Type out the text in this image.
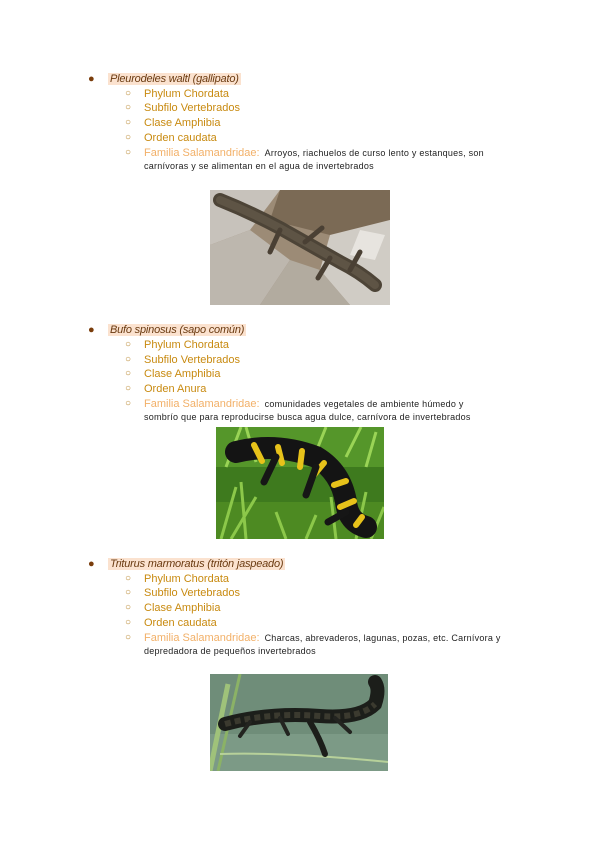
●	Pleurodeles waltl (gallipato)
○	Phylum Chordata
○	Subfilo Vertebrados
○	Clase Amphibia
○	Orden caudata
○	Familia Salamandridae: Arroyos, riachuelos de curso lento y estanques, son
carnívoras y se alimentan en el agua de invertebrados
●	Bufo spinosus (sapo común)
○	Phylum Chordata
○	Subfilo Vertebrados
○	Clase Amphibia
○	Orden Anura
○	Familia Salamandridae: comunidades vegetales de ambiente húmedo y
sombrío que para reproducirse busca agua dulce, carnívora de invertebrados
●	Triturus marmoratus (tritón jaspeado)
○	Phylum Chordata
○	Subfilo Vertebrados
○	Clase Amphibia
○	Orden caudata
○	Familia Salamandridae: Charcas, abrevaderos, lagunas, pozas, etc. Carnívora y
depredadora de pequeños invertebrados
